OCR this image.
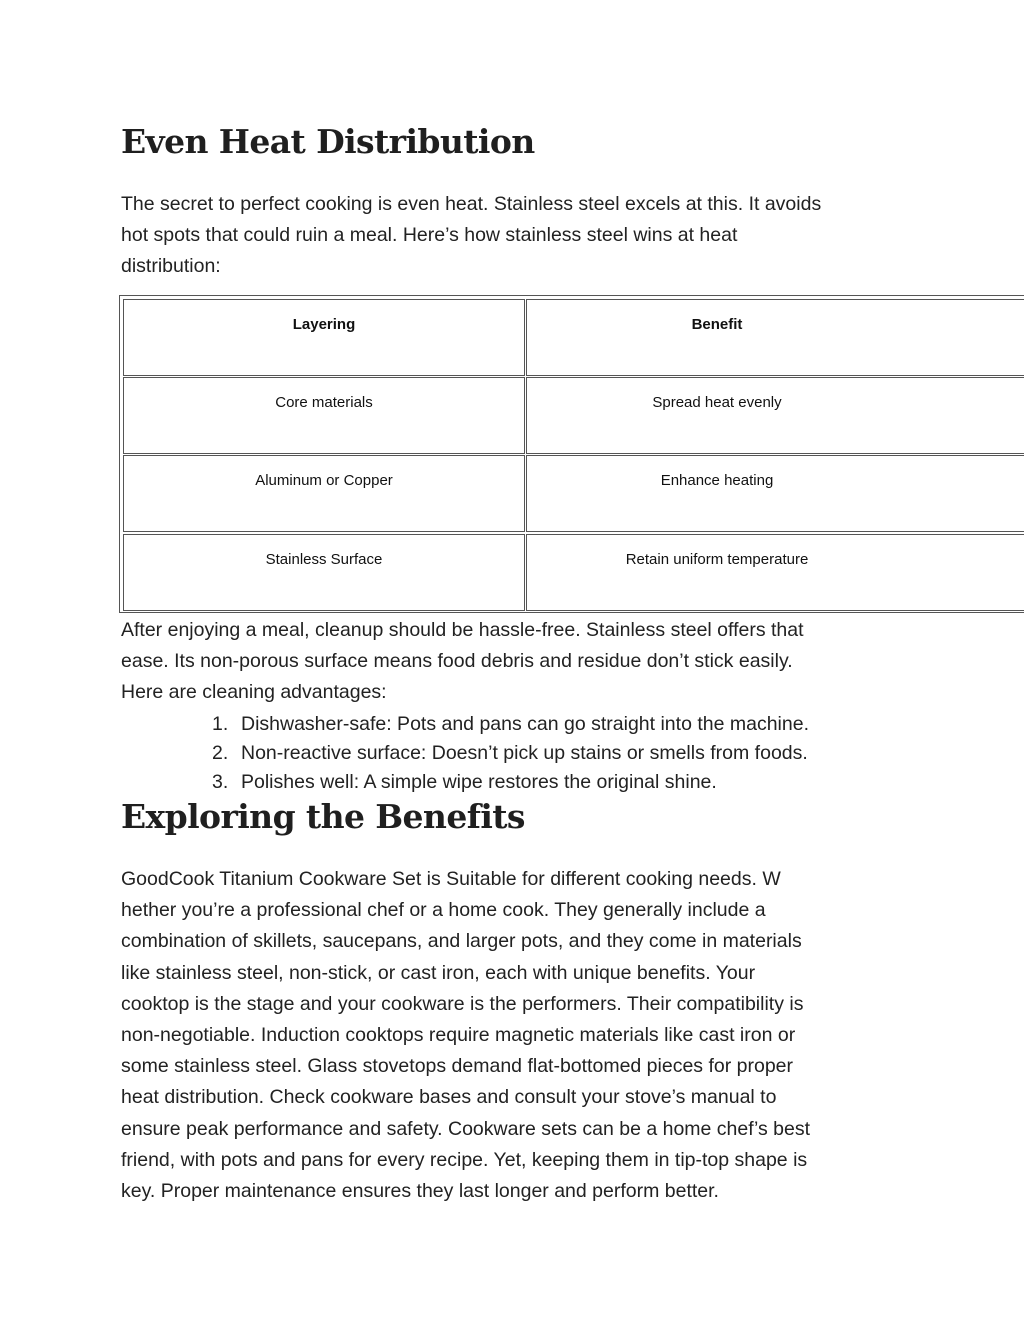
Even Heat Distribution

The secret to perfect cooking is even heat. Stainless steel excels at this. It avoids
hot spots that could ruin a meal. Here’s how stainless steel wins at heat
distribution:

Layering	Benefit
Core materials	Spread heat evenly
Aluminum or Copper	Enhance heating
Stainless Surface	Retain uniform temperature

After enjoying a meal, cleanup should be hassle-free. Stainless steel offers that
ease. Its non-porous surface means food debris and residue don’t stick easily.
Here are cleaning advantages:

1. Dishwasher-safe: Pots and pans can go straight into the machine.
2. Non-reactive surface: Doesn’t pick up stains or smells from foods.
3. Polishes well: A simple wipe restores the original shine.
Exploring the Benefits

GoodCook Titanium Cookware Set is Suitable for different cooking needs. W
hether you’re a professional chef or a home cook. They generally include a
combination of skillets, saucepans, and larger pots, and they come in materials
like stainless steel, non-stick, or cast iron, each with unique benefits. Your
cooktop is the stage and your cookware is the performers. Their compatibility is
non-negotiable. Induction cooktops require magnetic materials like cast iron or
some stainless steel. Glass stovetops demand flat-bottomed pieces for proper
heat distribution. Check cookware bases and consult your stove’s manual to
ensure peak performance and safety. Cookware sets can be a home chef’s best
friend, with pots and pans for every recipe. Yet, keeping them in tip-top shape is
key. Proper maintenance ensures they last longer and perform better.
